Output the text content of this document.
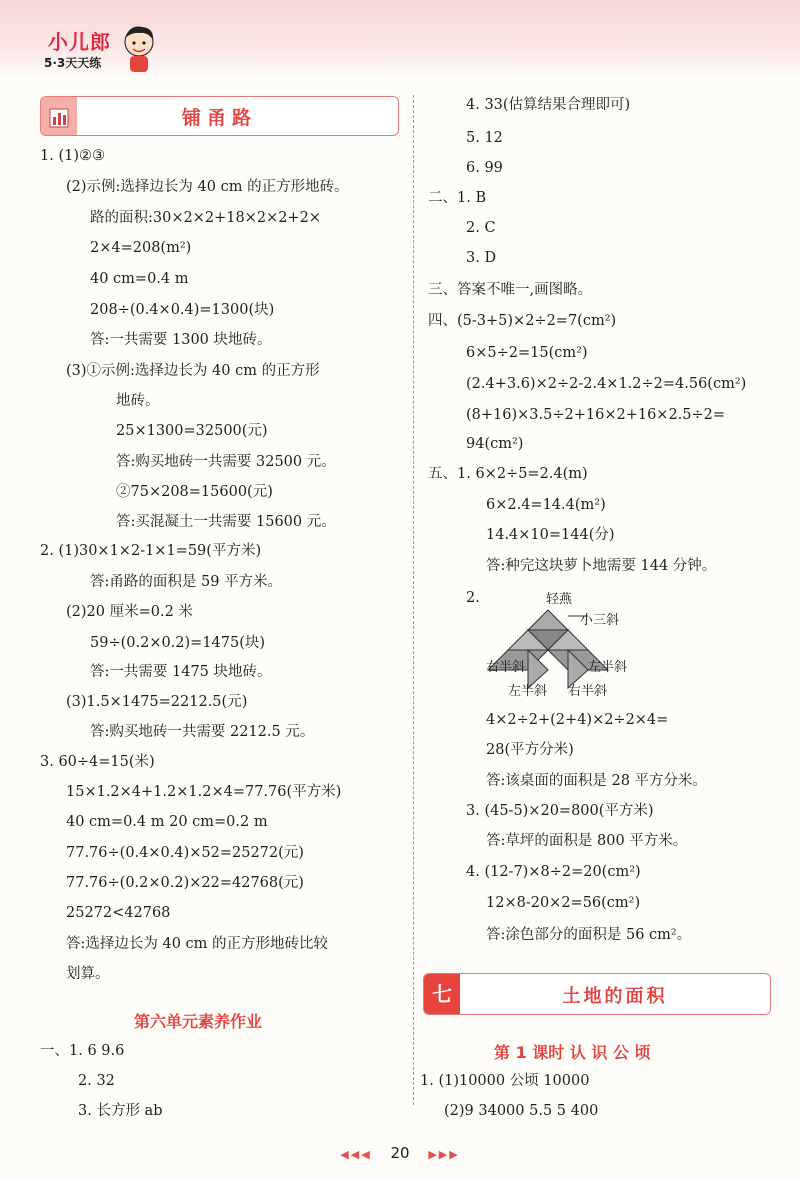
小儿郎
5·3天天练
铺甬路
1. (1)②③
(2)示例:选择边长为 40 cm 的正方形地砖。
路的面积:30×2×2+18×2×2+2×
2×4=208(m²)
40 cm=0.4 m
208÷(0.4×0.4)=1300(块)
答:一共需要 1300 块地砖。
(3)①示例:选择边长为 40 cm 的正方形
地砖。
25×1300=32500(元)
答:购买地砖一共需要 32500 元。
②75×208=15600(元)
答:买混凝土一共需要 15600 元。
2. (1)30×1×2-1×1=59(平方米)
答:甬路的面积是 59 平方米。
(2)20 厘米=0.2 米
59÷(0.2×0.2)=1475(块)
答:一共需要 1475 块地砖。
(3)1.5×1475=2212.5(元)
答:购买地砖一共需要 2212.5 元。
3. 60÷4=15(米)
15×1.2×4+1.2×1.2×4=77.76(平方米)
40 cm=0.4 m 20 cm=0.2 m
77.76÷(0.4×0.4)×52=25272(元)
77.76÷(0.2×0.2)×22=42768(元)
25272<42768
答:选择边长为 40 cm 的正方形地砖比较
划算。
第六单元素养作业
一、1. 6 9.6
2. 32
3. 长方形 ab
4. 33(估算结果合理即可)
5. 12
6. 99
二、1. B
2. C
3. D
三、答案不唯一,画图略。
四、(5-3+5)×2÷2=7(cm²)
6×5÷2=15(cm²)
(2.4+3.6)×2÷2-2.4×1.2÷2=4.56(cm²)
(8+16)×3.5÷2+16×2+16×2.5÷2=
94(cm²)
五、1. 6×2÷5=2.4(m)
6×2.4=14.4(m²)
14.4×10=144(分)
答:种完这块萝卜地需要 144 分钟。
2.
4×2÷2+(2+4)×2÷2×4=
28(平方分米)
答:该桌面的面积是 28 平方分米。
3. (45-5)×20=800(平方米)
答:草坪的面积是 800 平方米。
4. (12-7)×8÷2=20(cm²)
12×8-20×2=56(cm²)
答:涂色部分的面积是 56 cm²。
轻燕
小三斜
右半斜	左半斜
左半斜 右半斜
七	土地的面积
第 1 课时 认 识 公 顷
1. (1)10000 公顷 10000
(2)9 34000 5.5 5 400
◀◀◀ 20 ▶▶▶
